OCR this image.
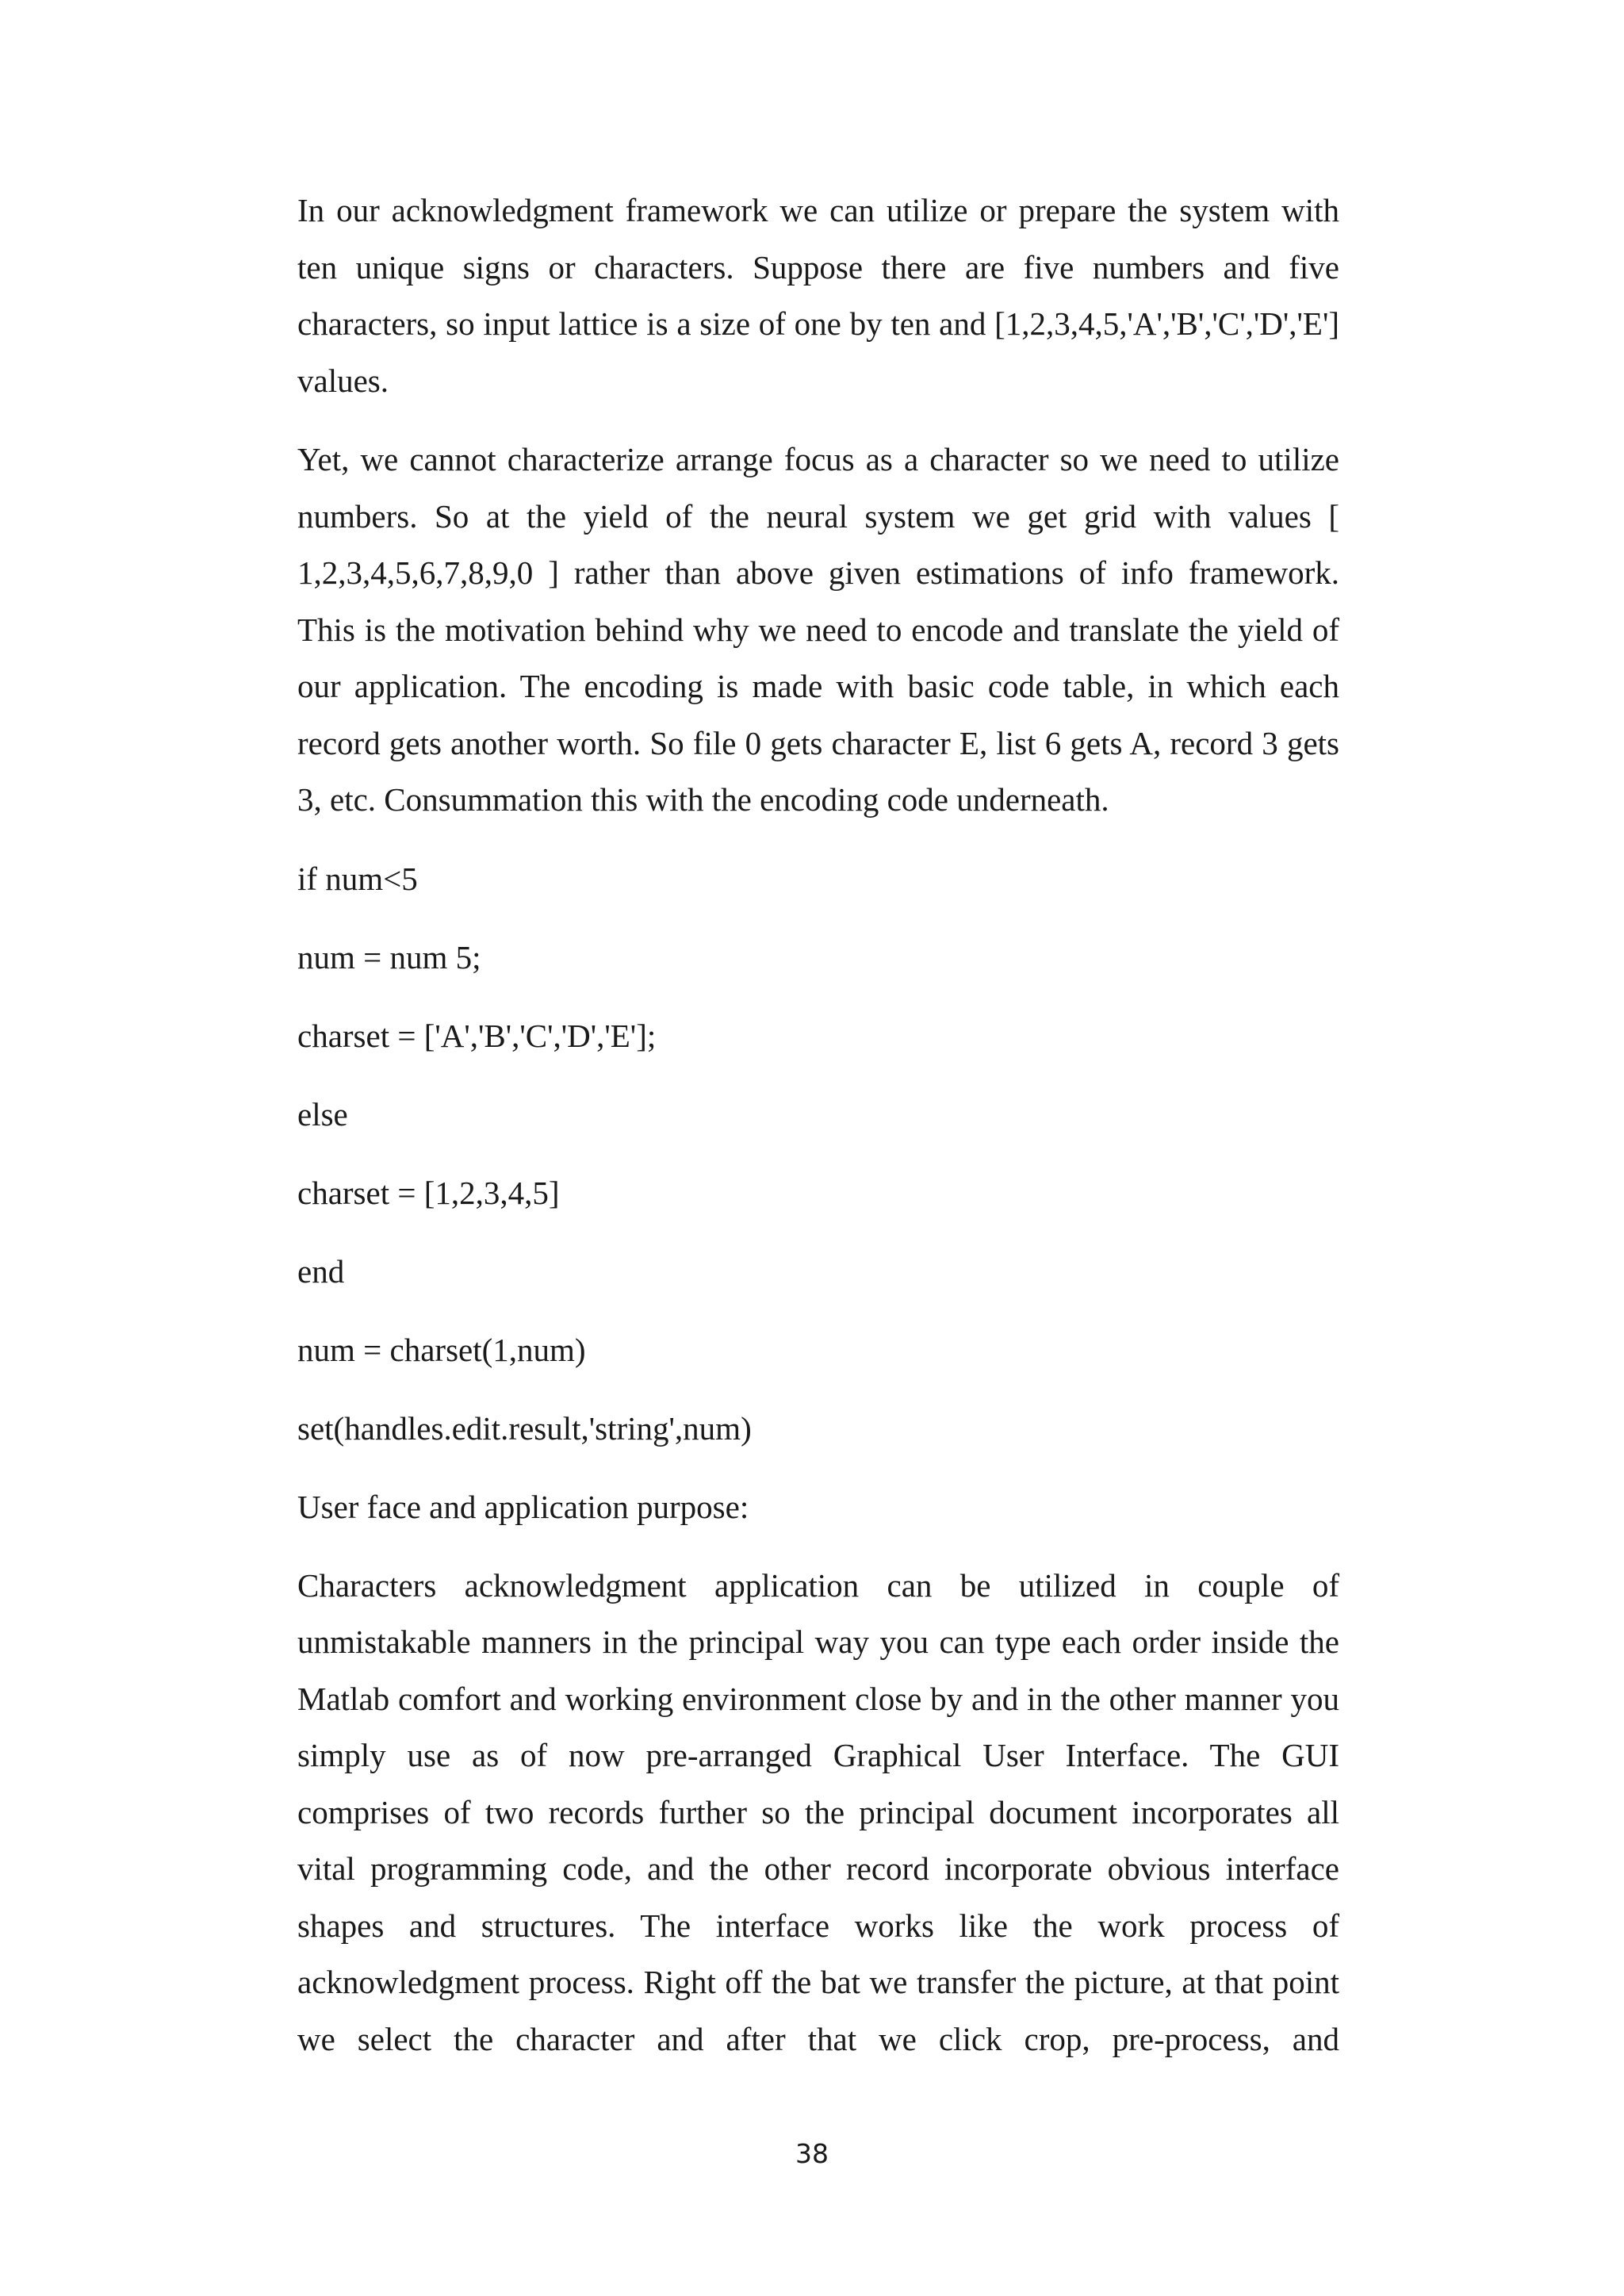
In our acknowledgment framework we can utilize or prepare the system with ten unique signs or characters. Suppose there are five numbers and five characters, so input lattice is a size of one by ten and [1,2,3,4,5,'A','B','C','D','E'] values.

Yet, we cannot characterize arrange focus as a character so we need to utilize numbers. So at the yield of the neural system we get grid with values [ 1,2,3,4,5,6,7,8,9,0 ] rather than above given estimations of info framework. This is the motivation behind why we need to encode and translate the yield of our application. The encoding is made with basic code table, in which each record gets another worth. So file 0 gets character E, list 6 gets A, record 3 gets 3, etc. Consummation this with the encoding code underneath.

if num<5

num = num 5;

charset = ['A','B','C','D','E'];

else

charset = [1,2,3,4,5]

end

num = charset(1,num)

set(handles.edit.result,'string',num)

User face and application purpose:

Characters acknowledgment application can be utilized in couple of unmistakable manners in the principal way you can type each order inside the Matlab comfort and working environment close by and in the other manner you simply use as of now pre-arranged Graphical User Interface. The GUI comprises of two records further so the principal document incorporates all vital programming code, and the other record incorporate obvious interface shapes and structures. The interface works like the work process of acknowledgment process. Right off the bat we transfer the picture, at that point we select the character and after that we click crop, pre-process, and

38
